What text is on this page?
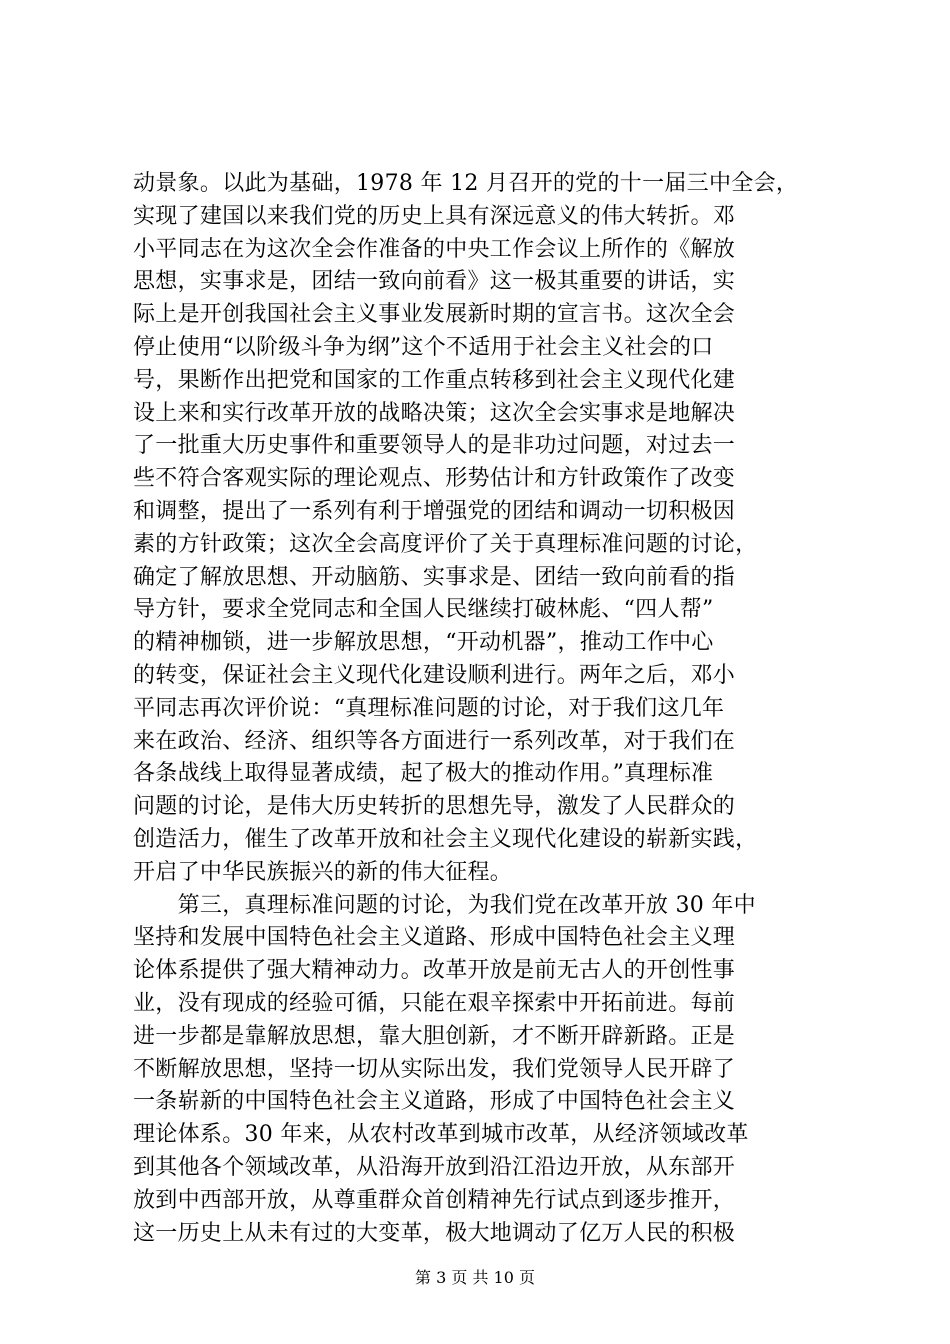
动景象。以此为基础，1978 年 12 月召开的党的十一届三中全会，
实现了建国以来我们党的历史上具有深远意义的伟大转折。邓
小平同志在为这次全会作准备的中央工作会议上所作的《解放
思想，实事求是，团结一致向前看》这一极其重要的讲话，实
际上是开创我国社会主义事业发展新时期的宣言书。这次全会
停止使用“以阶级斗争为纲”这个不适用于社会主义社会的口
号，果断作出把党和国家的工作重点转移到社会主义现代化建
设上来和实行改革开放的战略决策；这次全会实事求是地解决
了一批重大历史事件和重要领导人的是非功过问题，对过去一
些不符合客观实际的理论观点、形势估计和方针政策作了改变
和调整，提出了一系列有利于增强党的团结和调动一切积极因
素的方针政策；这次全会高度评价了关于真理标准问题的讨论，
确定了解放思想、开动脑筋、实事求是、团结一致向前看的指
导方针，要求全党同志和全国人民继续打破林彪、“四人帮”
的精神枷锁，进一步解放思想，“开动机器”，推动工作中心
的转变，保证社会主义现代化建设顺利进行。两年之后，邓小
平同志再次评价说：“真理标准问题的讨论，对于我们这几年
来在政治、经济、组织等各方面进行一系列改革，对于我们在
各条战线上取得显著成绩，起了极大的推动作用。”真理标准
问题的讨论，是伟大历史转折的思想先导，激发了人民群众的
创造活力，催生了改革开放和社会主义现代化建设的崭新实践，
开启了中华民族振兴的新的伟大征程。
　　第三，真理标准问题的讨论，为我们党在改革开放 30 年中
坚持和发展中国特色社会主义道路、形成中国特色社会主义理
论体系提供了强大精神动力。改革开放是前无古人的开创性事
业，没有现成的经验可循，只能在艰辛探索中开拓前进。每前
进一步都是靠解放思想，靠大胆创新，才不断开辟新路。正是
不断解放思想，坚持一切从实际出发，我们党领导人民开辟了
一条崭新的中国特色社会主义道路，形成了中国特色社会主义
理论体系。30 年来，从农村改革到城市改革，从经济领域改革
到其他各个领域改革，从沿海开放到沿江沿边开放，从东部开
放到中西部开放，从尊重群众首创精神先行试点到逐步推开，
这一历史上从未有过的大变革，极大地调动了亿万人民的积极
第 3 页 共 10 页
